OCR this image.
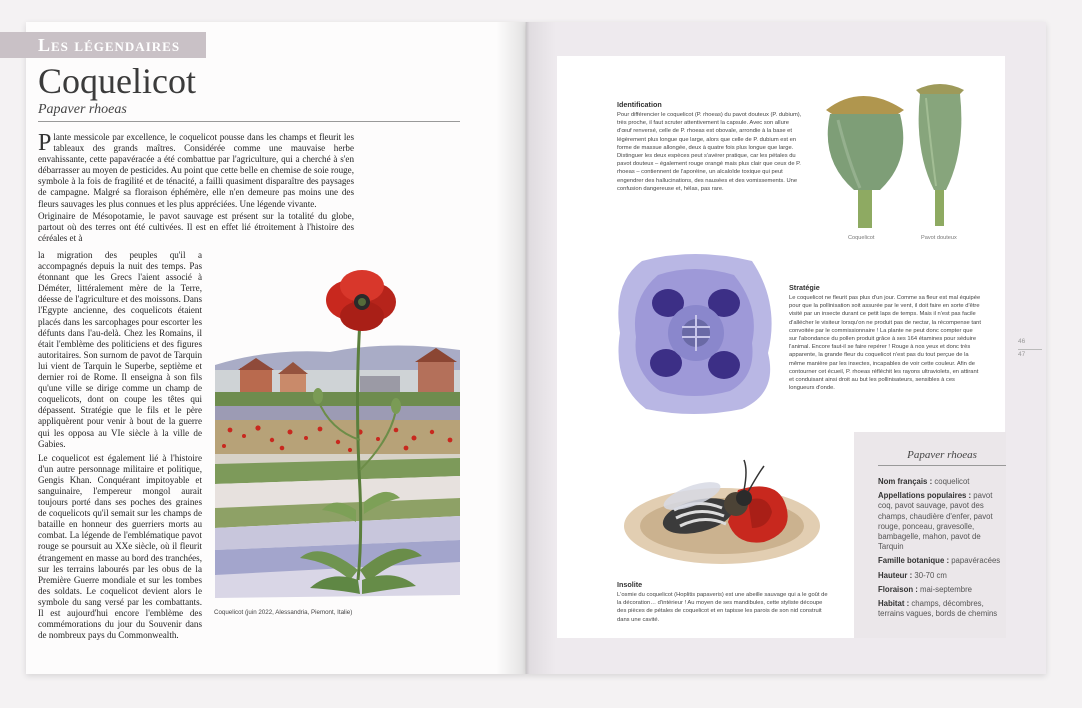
Les légendaires
Coquelicot
Papaver rhoeas

Plante messicole par excellence, le coquelicot pousse dans les champs et fleurit les tableaux des grands maîtres. Considérée comme une mauvaise herbe envahissante, cette papavéracée a été combattue par l'agriculture, qui a cherché à s'en débarrasser au moyen de pesticides. Au point que cette belle en chemise de soie rouge, symbole à la fois de fragilité et de ténacité, a failli quasiment disparaître des paysages de campagne. Malgré sa floraison éphémère, elle n'en demeure pas moins une des fleurs sauvages les plus connues et les plus appréciées. Une légende vivante.

Originaire de Mésopotamie, le pavot sauvage est présent sur la totalité du globe, partout où des terres ont été cultivées. Il est en effet lié étroitement à l'histoire des céréales et à

la migration des peuples qu'il a accompagnés depuis la nuit des temps. Pas étonnant que les Grecs l'aient associé à Déméter, littéralement mère de la Terre, déesse de l'agriculture et des moissons. Dans l'Egypte ancienne, des coquelicots étaient placés dans les sarcophages pour escorter les défunts dans l'au-delà. Chez les Romains, il était l'emblème des politiciens et des figures autoritaires. Son surnom de pavot de Tarquin lui vient de Tarquin le Superbe, septième et dernier roi de Rome. Il enseigna à son fils qu'une ville se dirige comme un champ de coquelicots, dont on coupe les têtes qui dépassent. Stratégie que le fils et le père appliquèrent pour venir à bout de la guerre qui les opposa au VIe siècle à la ville de Gabies.

Le coquelicot est également lié à l'histoire d'un autre personnage militaire et politique, Gengis Khan. Conquérant impitoyable et sanguinaire, l'empereur mongol aurait toujours porté dans ses poches des graines de coquelicots qu'il semait sur les champs de bataille en honneur des guerriers morts au combat. La légende de l'emblématique pavot rouge se poursuit au XXe siècle, où il fleurit étrangement en masse au bord des tranchées, sur les terrains labourés par les obus de la Première Guerre mondiale et sur les tombes des soldats. Le coquelicot devient alors le symbole du sang versé par les combattants. Il est aujourd'hui encore l'emblème des commémorations du jour du Souvenir dans de nombreux pays du Commonwealth.

Coquelicot (juin 2022, Alessandria, Piemont, Italie)
Identification
Pour différencier le coquelicot (P. rhoeas) du pavot douteux (P. dubium), très proche, il faut scruter attentivement la capsule. Avec son allure d'œuf renversé, celle de P. rhoeas est obovale, arrondie à la base et légèrement plus longue que large, alors que celle de P. dubium est en forme de massue allongée, deux à quatre fois plus longue que large. Distinguer les deux espèces peut s'avérer pratique, car les pétales du pavot douteux – également rouge orangé mais plus clair que ceux de P. rhoeas – contiennent de l'aporéine, un alcaloïde toxique qui peut engendrer des hallucinations, des nausées et des vomissements. Une confusion dangereuse et, hélas, pas rare.
Coquelicot	Pavot douteux
Stratégie
Le coquelicot ne fleurit pas plus d'un jour. Comme sa fleur est mal équipée pour que la pollinisation soit assurée par le vent, il doit faire en sorte d'être visité par un insecte durant ce petit laps de temps. Mais il n'est pas facile d'allécher le visiteur lorsqu'on ne produit pas de nectar, la récompense tant convoitée par le commissionnaire ! La plante ne peut donc compter que sur l'abondance du pollen produit grâce à ses 164 étamines pour séduire l'animal. Encore faut-il se faire repérer ! Rouge à nos yeux et donc très apparente, la grande fleur du coquelicot n'est pas du tout perçue de la même manière par les insectes, incapables de voir cette couleur. Afin de contourner cet écueil, P. rhoeas réfléchit les rayons ultraviolets, en attirant et conduisant ainsi droit au but les pollinisateurs, sensibles à ces longueurs d'onde.
Insolite
L'osmie du coquelicot (Hoplitis papaveris) est une abeille sauvage qui a le goût de la décoration… d'intérieur ! Au moyen de ses mandibules, cette styliste découpe des pièces de pétales de coquelicot et en tapisse les parois de son nid construit dans une cavité.
Papaver rhoeas
Nom français : coquelicot
Appellations populaires : pavot coq, pavot sauvage, pavot des champs, chaudière d'enfer, pavot rouge, ponceau, gravesolle, bambagelle, mahon, pavot de Tarquin
Famille botanique : papavéracées
Hauteur : 30-70 cm
Floraison : mai-septembre
Habitat : champs, décombres, terrains vagues, bords de chemins
46
47
